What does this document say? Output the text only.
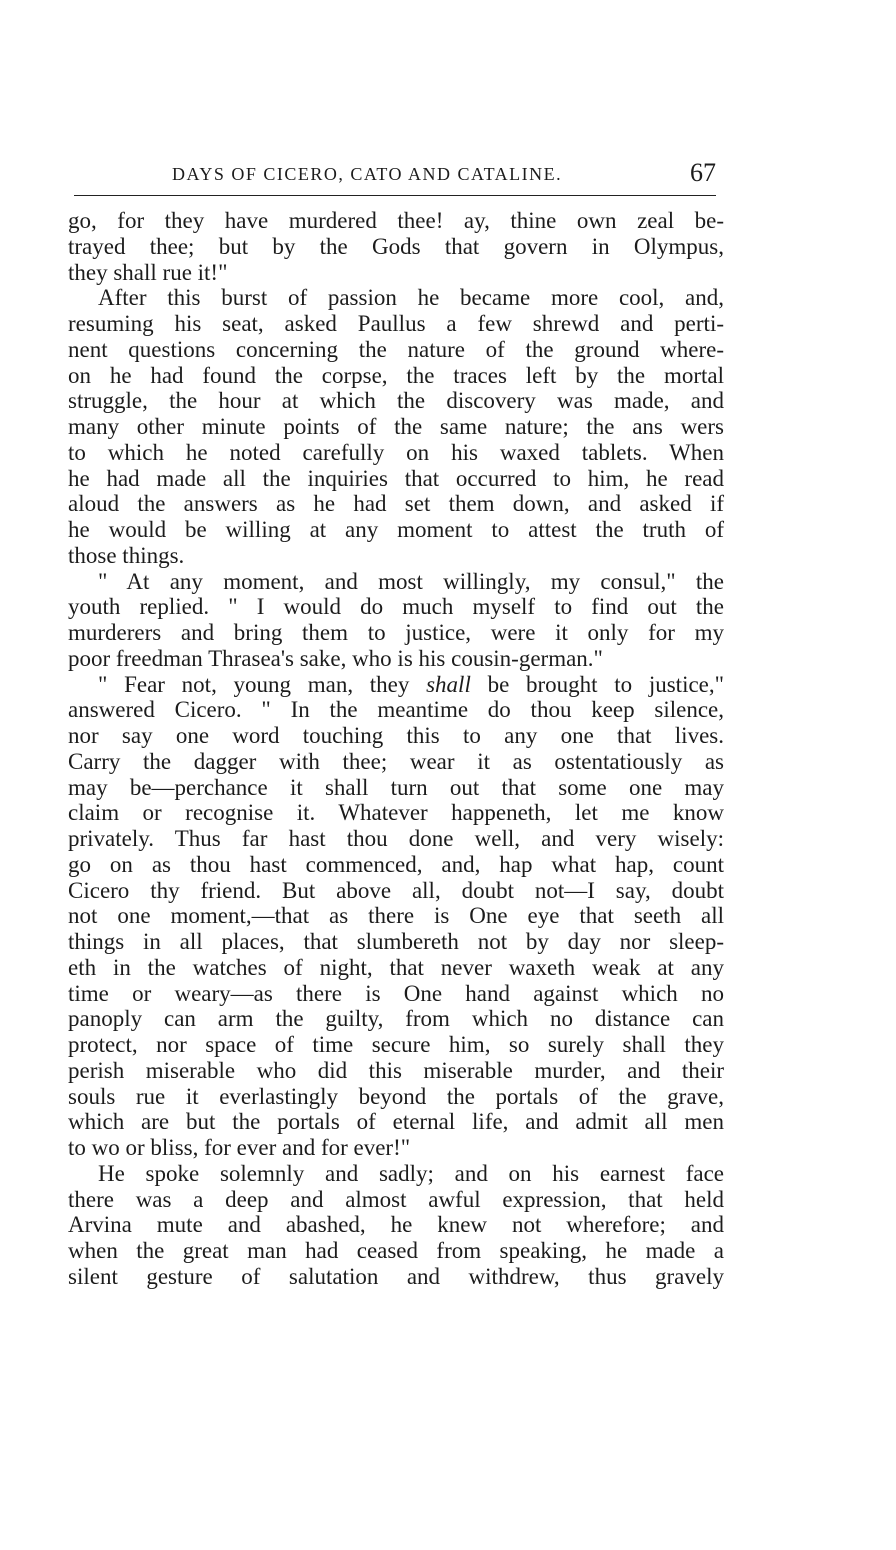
DAYS OF CICERO, CATO AND CATALINE.	67
go, for they have murdered thee! ay, thine own zeal be-
trayed thee; but by the Gods that govern in Olympus,
they shall rue it!"
After this burst of passion he became more cool, and,
resuming his seat, asked Paullus a few shrewd and perti-
nent questions concerning the nature of the ground where-
on he had found the corpse, the traces left by the mortal
struggle, the hour at which the discovery was made, and
many other minute points of the same nature; the ans wers
to which he noted carefully on his waxed tablets. When
he had made all the inquiries that occurred to him, he read
aloud the answers as he had set them down, and asked if
he would be willing at any moment to attest the truth of
those things.
" At any moment, and most willingly, my consul," the
youth replied. " I would do much myself to find out the
murderers and bring them to justice, were it only for my
poor freedman Thrasea's sake, who is his cousin-german."
" Fear not, young man, they shall be brought to justice,"
answered Cicero. " In the meantime do thou keep silence,
nor say one word touching this to any one that lives.
Carry the dagger with thee; wear it as ostentatiously as
may be—perchance it shall turn out that some one may
claim or recognise it. Whatever happeneth, let me know
privately. Thus far hast thou done well, and very wisely:
go on as thou hast commenced, and, hap what hap, count
Cicero thy friend. But above all, doubt not—I say, doubt
not one moment,—that as there is One eye that seeth all
things in all places, that slumbereth not by day nor sleep-
eth in the watches of night, that never waxeth weak at any
time or weary—as there is One hand against which no
panoply can arm the guilty, from which no distance can
protect, nor space of time secure him, so surely shall they
perish miserable who did this miserable murder, and their
souls rue it everlastingly beyond the portals of the grave,
which are but the portals of eternal life, and admit all men
to wo or bliss, for ever and for ever!"
He spoke solemnly and sadly; and on his earnest face
there was a deep and almost awful expression, that held
Arvina mute and abashed, he knew not wherefore; and
when the great man had ceased from speaking, he made a
silent gesture of salutation and withdrew, thus gravely
